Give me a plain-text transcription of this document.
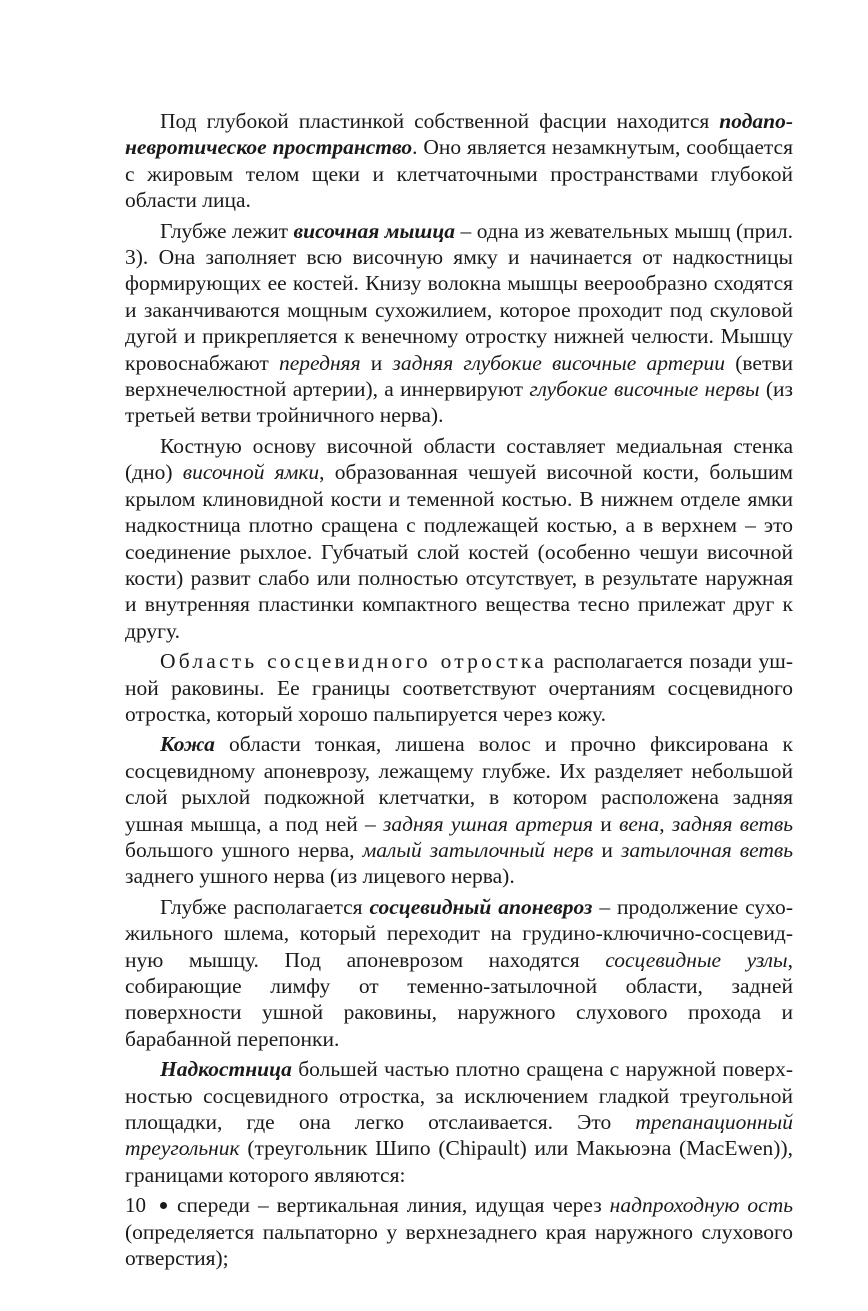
Под глубокой пластинкой собственной фасции находится подапоневротическое пространство. Оно является незамкнутым, сообщается с жировым телом щеки и клетчаточными пространствами глубокой области лица.

Глубже лежит височная мышца – одна из жевательных мышц (прил. 3). Она заполняет всю височную ямку и начинается от надкостницы формирующих ее костей. Книзу волокна мышцы веерообразно сходятся и заканчиваются мощным сухожилием, которое проходит под скуловой дугой и прикрепляется к венечному отростку нижней челюсти. Мышцу кровоснабжают передняя и задняя глубокие височные артерии (ветви верхнечелюстной артерии), а иннервируют глубокие височные нервы (из третьей ветви тройничного нерва).

Костную основу височной области составляет медиальная стенка (дно) височной ямки, образованная чешуей височной кости, большим крылом клиновидной кости и теменной костью. В нижнем отделе ямки надкостница плотно сращена с подлежащей костью, а в верхнем – это соединение рыхлое. Губчатый слой костей (особенно чешуи височной кости) развит слабо или полностью отсутствует, в результате наружная и внутренняя пластинки компактного вещества тесно прилежат друг к другу.

Область сосцевидного отростка располагается позади ушной раковины. Ее границы соответствуют очертаниям сосцевидного отростка, который хорошо пальпируется через кожу.

Кожа области тонкая, лишена волос и прочно фиксирована к сосцевидному апоневрозу, лежащему глубже. Их разделяет небольшой слой рыхлой подкожной клетчатки, в котором расположена задняя ушная мышца, а под ней – задняя ушная артерия и вена, задняя ветвь большого ушного нерва, малый затылочный нерв и затылочная ветвь заднего ушного нерва (из лицевого нерва).

Глубже располагается сосцевидный апоневроз – продолжение сухожильного шлема, который переходит на грудино-ключично-сосцевидную мышцу. Под апоневрозом находятся сосцевидные узлы, собирающие лимфу от теменно-затылочной области, задней поверхности ушной раковины, наружного слухового прохода и барабанной перепонки.

Надкостница большей частью плотно сращена с наружной поверхностью сосцевидного отростка, за исключением гладкой треугольной площадки, где она легко отслаивается. Это трепанационный треугольник (треугольник Шипо (Chipault) или Макьюэна (MacEwen)), границами которого являются:

спереди – вертикальная линия, идущая через надпроходную ость (определяется пальпаторно у верхнезаднего края наружного слухового отверстия);

10
